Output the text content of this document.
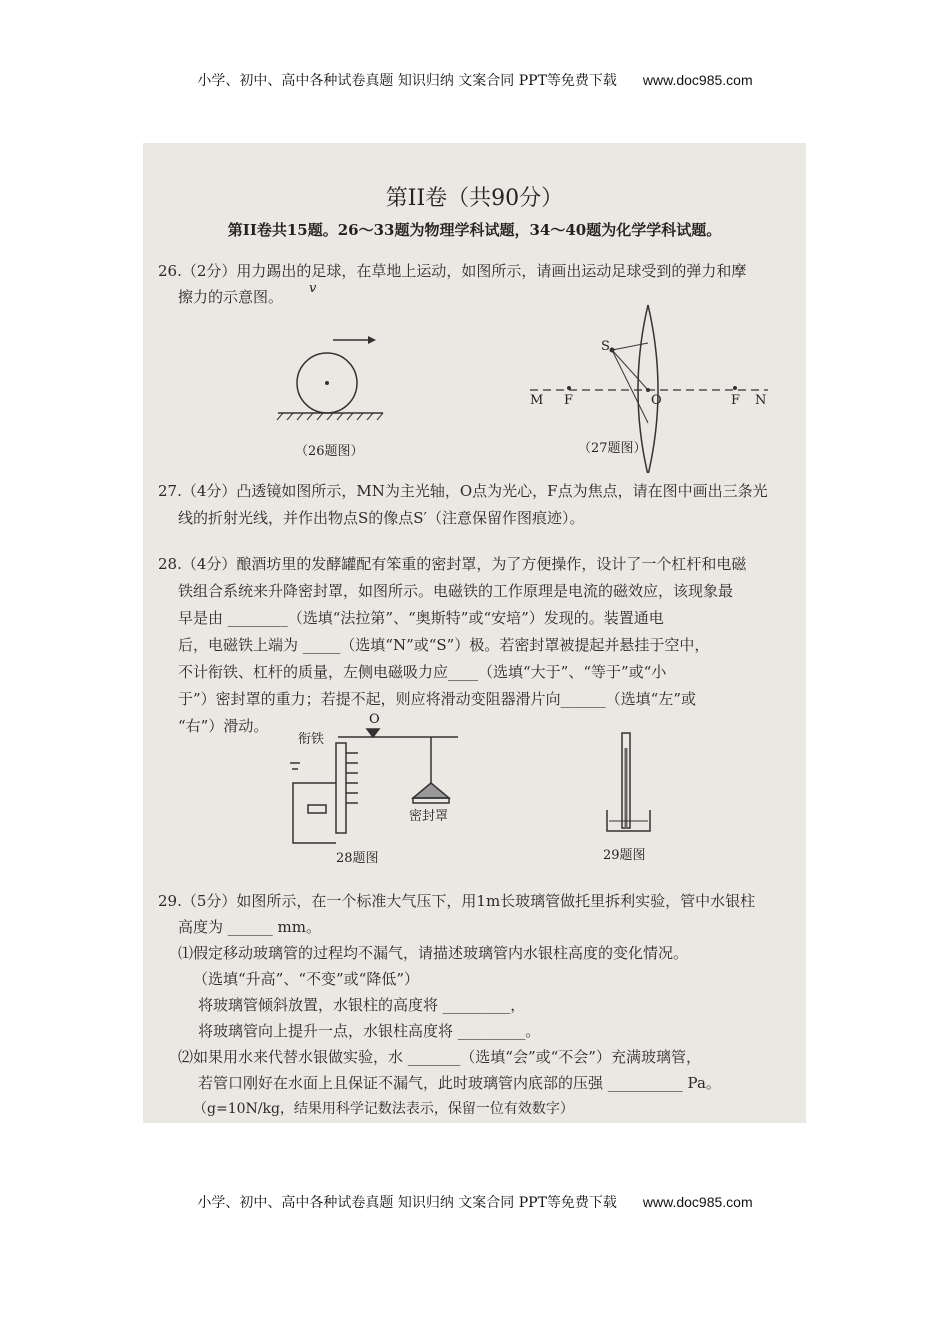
小学、初中、高中各种试卷真题 知识归纳 文案合同 PPT等免费下载 www.doc985.com
第II卷（共90分）
第II卷共15题。26～33题为物理学科试题，34～40题为化学学科试题。
26.（2分）用力踢出的足球，在草地上运动，如图所示，请画出运动足球受到的弹力和摩
擦力的示意图。 v
（26题图）
S
M F	O	F N
（27题图）
27.（4分）凸透镜如图所示，MN为主光轴，O点为光心，F点为焦点，请在图中画出三条光
线的折射光线，并作出物点S的像点S′（注意保留作图痕迹）。
28.（4分）酿酒坊里的发酵罐配有笨重的密封罩，为了方便操作，设计了一个杠杆和电磁
铁组合系统来升降密封罩，如图所示。电磁铁的工作原理是电流的磁效应，该现象最
早是由 ________（选填“法拉第”、“奥斯特”或“安培”）发现的。装置通电
后，电磁铁上端为 _____（选填“N”或“S”）极。若密封罩被提起并悬挂于空中，
不计衔铁、杠杆的质量，左侧电磁吸力应____（选填“大于”、“等于”或“小
于”）密封罩的重力；若提不起，则应将滑动变阻器滑片向______（选填“左”或
“右”）滑动。
衔铁
O
密封罩
28题图	29题图
29.（5分）如图所示，在一个标准大气压下，用1m长玻璃管做托里拆利实验，管中水银柱
高度为 ______ mm。
⑴假定移动玻璃管的过程均不漏气，请描述玻璃管内水银柱高度的变化情况。
（选填“升高”、“不变”或“降低”）
将玻璃管倾斜放置，水银柱的高度将 _________，
将玻璃管向上提升一点，水银柱高度将 _________。
⑵如果用水来代替水银做实验，水 _______（选填“会”或“不会”）充满玻璃管，
若管口刚好在水面上且保证不漏气，此时玻璃管内底部的压强 __________ Pa。
（g=10N/kg，结果用科学记数法表示，保留一位有效数字）
小学、初中、高中各种试卷真题 知识归纳 文案合同 PPT等免费下载 www.doc985.com
